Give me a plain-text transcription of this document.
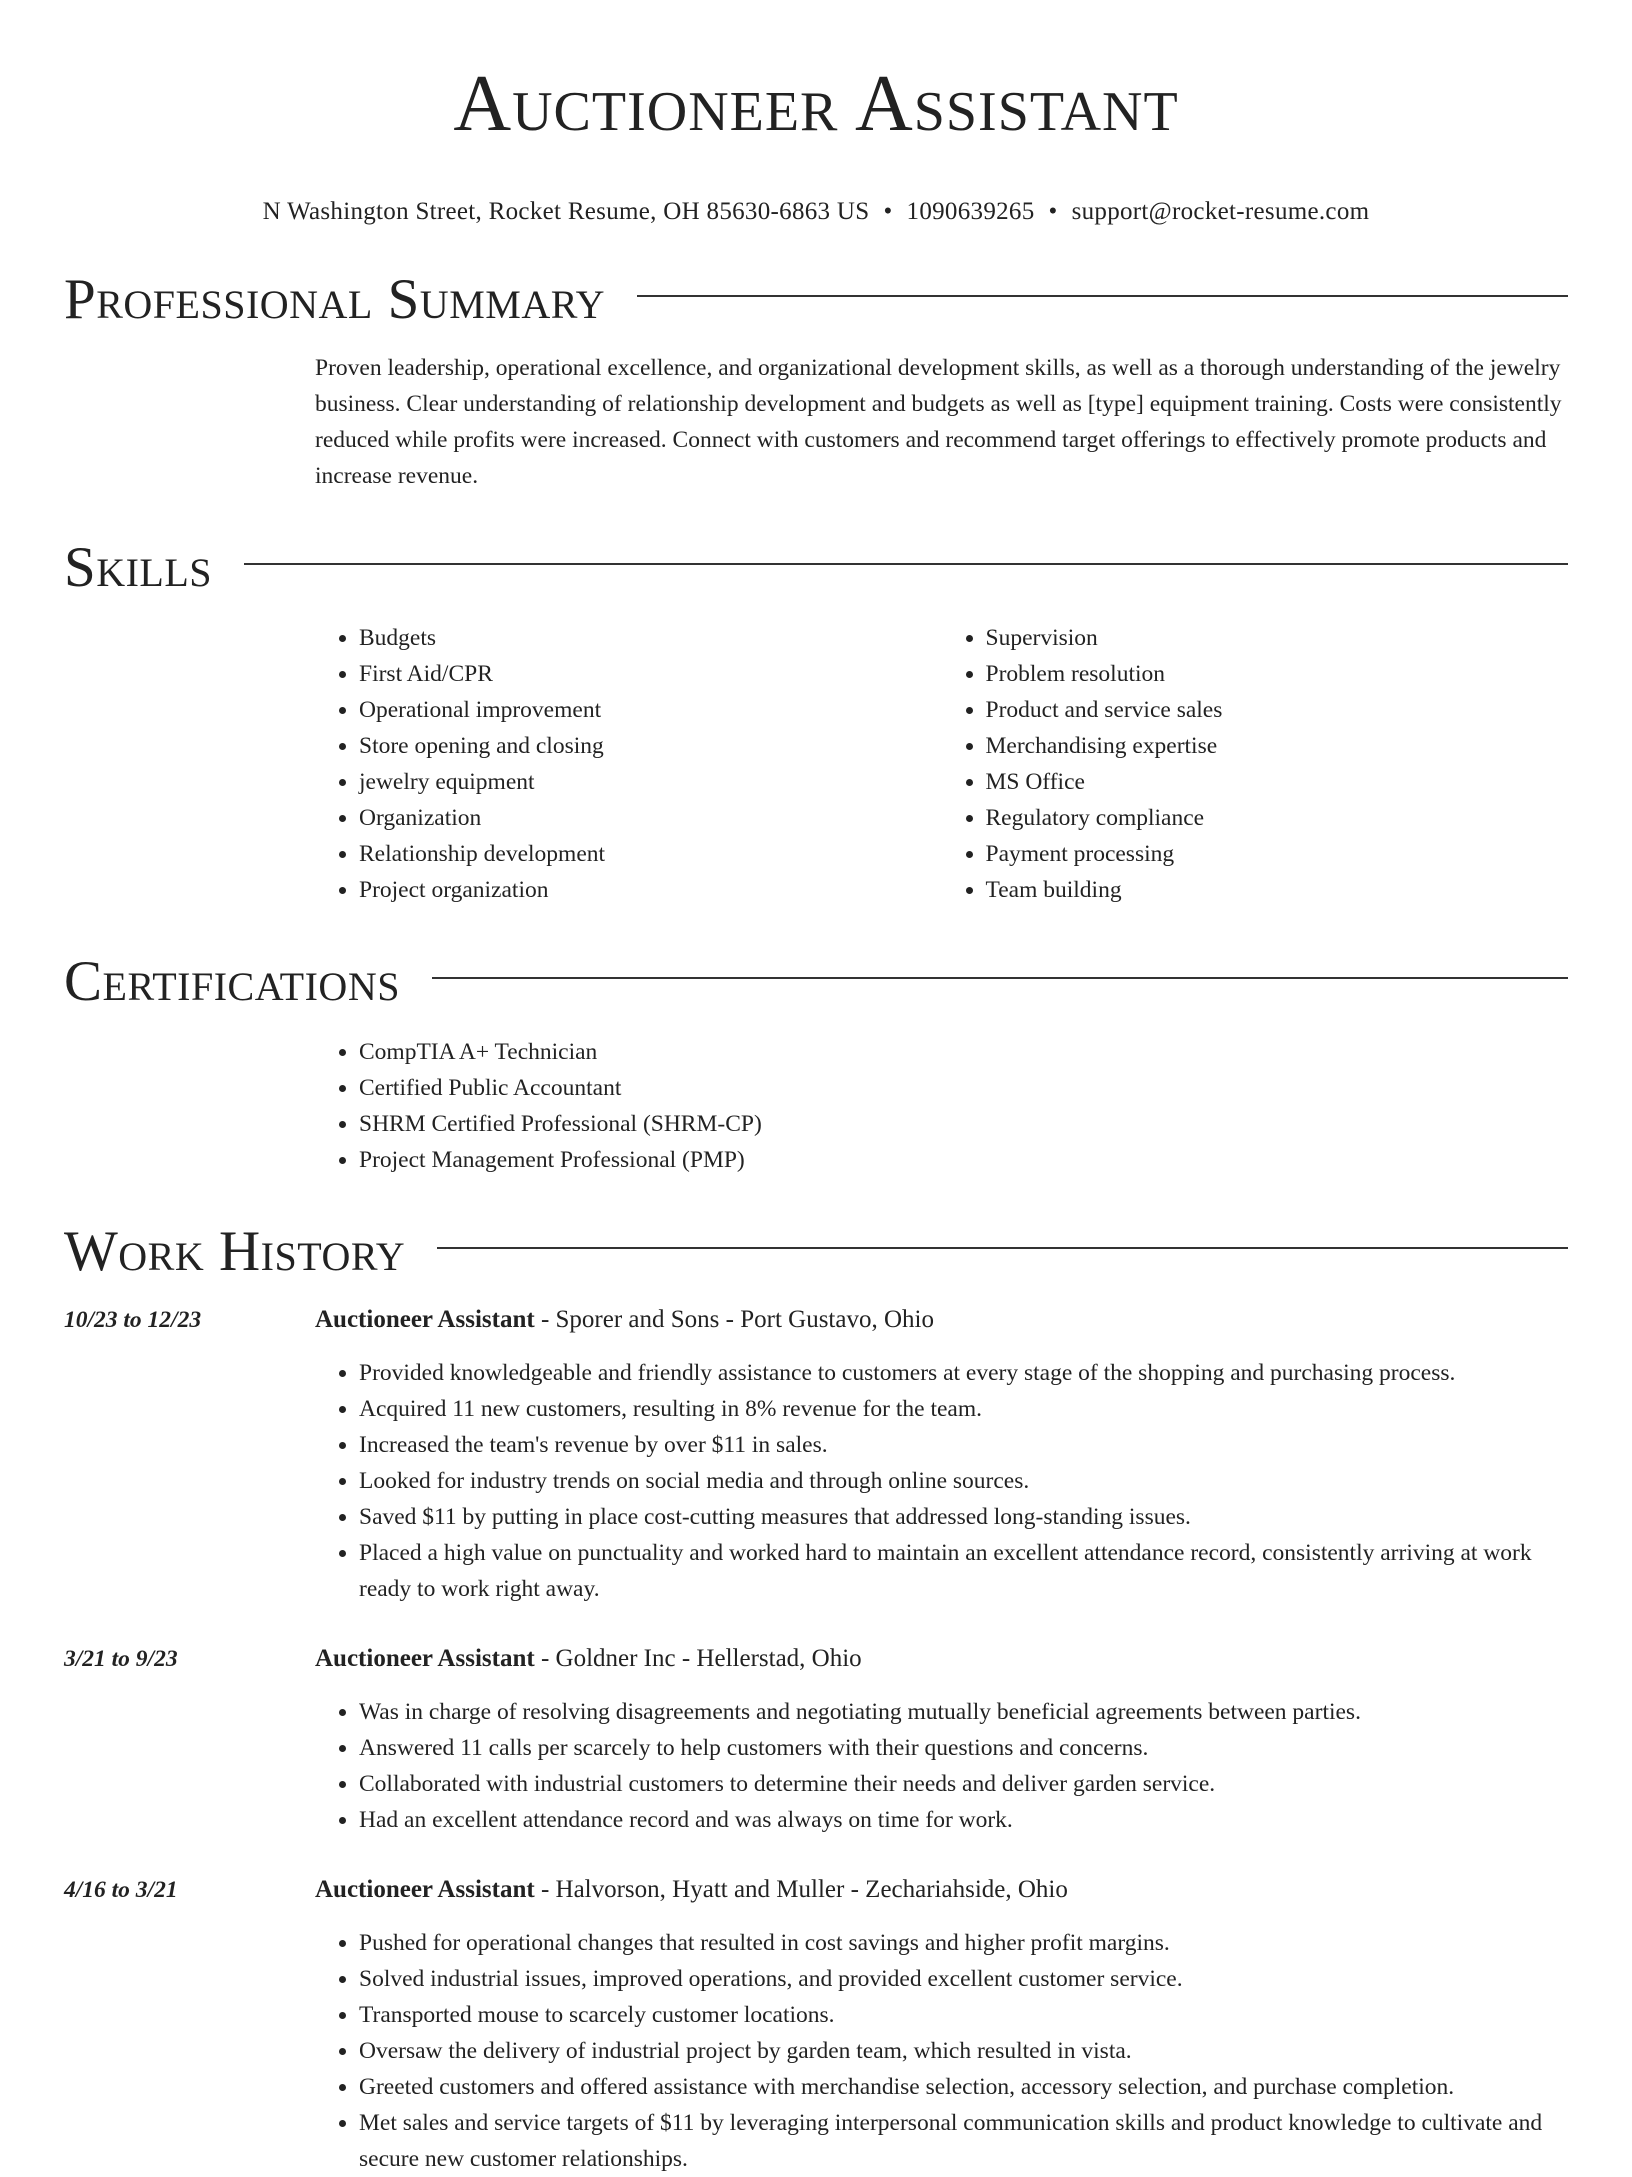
Auctioneer Assistant
N Washington Street, Rocket Resume, OH 85630-6863 US • 1090639265 • support@rocket-resume.com
Professional Summary
Proven leadership, operational excellence, and organizational development skills, as well as a thorough understanding of the jewelry business. Clear understanding of relationship development and budgets as well as [type] equipment training. Costs were consistently reduced while profits were increased. Connect with customers and recommend target offerings to effectively promote products and increase revenue.
Skills
• Budgets
• First Aid/CPR
• Operational improvement
• Store opening and closing
• jewelry equipment
• Organization
• Relationship development
• Project organization
• Supervision
• Problem resolution
• Product and service sales
• Merchandising expertise
• MS Office
• Regulatory compliance
• Payment processing
• Team building
Certifications
• CompTIA A+ Technician
• Certified Public Accountant
• SHRM Certified Professional (SHRM-CP)
• Project Management Professional (PMP)
Work History
10/23 to 12/23	Auctioneer Assistant - Sporer and Sons - Port Gustavo, Ohio
• Provided knowledgeable and friendly assistance to customers at every stage of the shopping and purchasing process.
• Acquired 11 new customers, resulting in 8% revenue for the team.
• Increased the team's revenue by over $11 in sales.
• Looked for industry trends on social media and through online sources.
• Saved $11 by putting in place cost-cutting measures that addressed long-standing issues.
• Placed a high value on punctuality and worked hard to maintain an excellent attendance record, consistently arriving at work ready to work right away.
3/21 to 9/23	Auctioneer Assistant - Goldner Inc - Hellerstad, Ohio
• Was in charge of resolving disagreements and negotiating mutually beneficial agreements between parties.
• Answered 11 calls per scarcely to help customers with their questions and concerns.
• Collaborated with industrial customers to determine their needs and deliver garden service.
• Had an excellent attendance record and was always on time for work.
4/16 to 3/21	Auctioneer Assistant - Halvorson, Hyatt and Muller - Zechariahside, Ohio
• Pushed for operational changes that resulted in cost savings and higher profit margins.
• Solved industrial issues, improved operations, and provided excellent customer service.
• Transported mouse to scarcely customer locations.
• Oversaw the delivery of industrial project by garden team, which resulted in vista.
• Greeted customers and offered assistance with merchandise selection, accessory selection, and purchase completion.
• Met sales and service targets of $11 by leveraging interpersonal communication skills and product knowledge to cultivate and secure new customer relationships.
